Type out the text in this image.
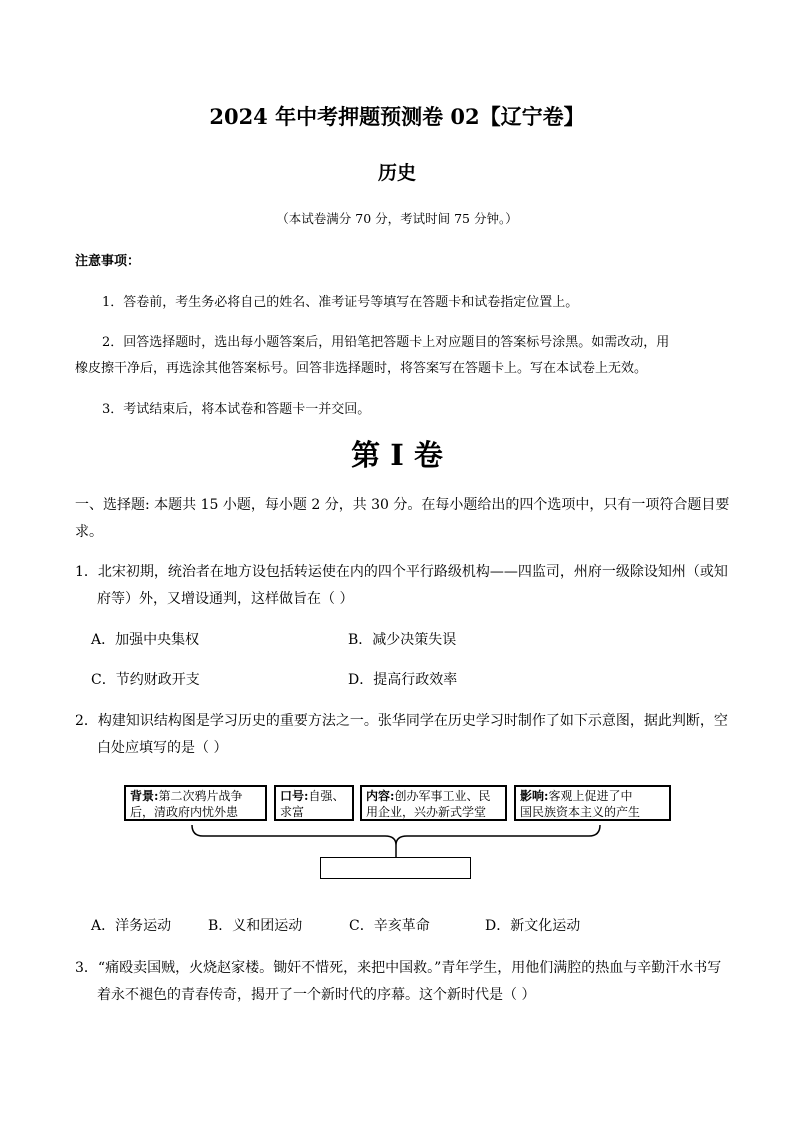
2024 年中考押题预测卷 02【辽宁卷】
历史
（本试卷满分 70 分，考试时间 75 分钟。）
注意事项：
1．答卷前，考生务必将自己的姓名、准考证号等填写在答题卡和试卷指定位置上。
2．回答选择题时，选出每小题答案后，用铅笔把答题卡上对应题目的答案标号涂黑。如需改动，用
橡皮擦干净后，再选涂其他答案标号。回答非选择题时，将答案写在答题卡上。写在本试卷上无效。
3．考试结束后，将本试卷和答题卡一并交回。
第 I 卷
一、选择题: 本题共 15 小题，每小题 2 分，共 30 分。在每小题给出的四个选项中，只有一项符合题目要
求。
1．北宋初期，统治者在地方设包括转运使在内的四个平行路级机构——四监司，州府一级除设知州（或知
府等）外，又增设通判，这样做旨在（ ）
A．加强中央集权	B．减少决策失误
C．节约财政开支	D．提高行政效率
2．构建知识结构图是学习历史的重要方法之一。张华同学在历史学习时制作了如下示意图，据此判断，空
白处应填写的是（ ）
背景:第二次鸦片战争
后，清政府内忧外患
口号:自强、
求富
内容:创办军事工业、民
用企业，兴办新式学堂
影响:客观上促进了中
国民族资本主义的产生
A．洋务运动	B．义和团运动	C．辛亥革命	D．新文化运动
3．“痛殴卖国贼，火烧赵家楼。锄奸不惜死，来把中国救。”青年学生，用他们满腔的热血与辛勤汗水书写
着永不褪色的青春传奇，揭开了一个新时代的序幕。这个新时代是（ ）
